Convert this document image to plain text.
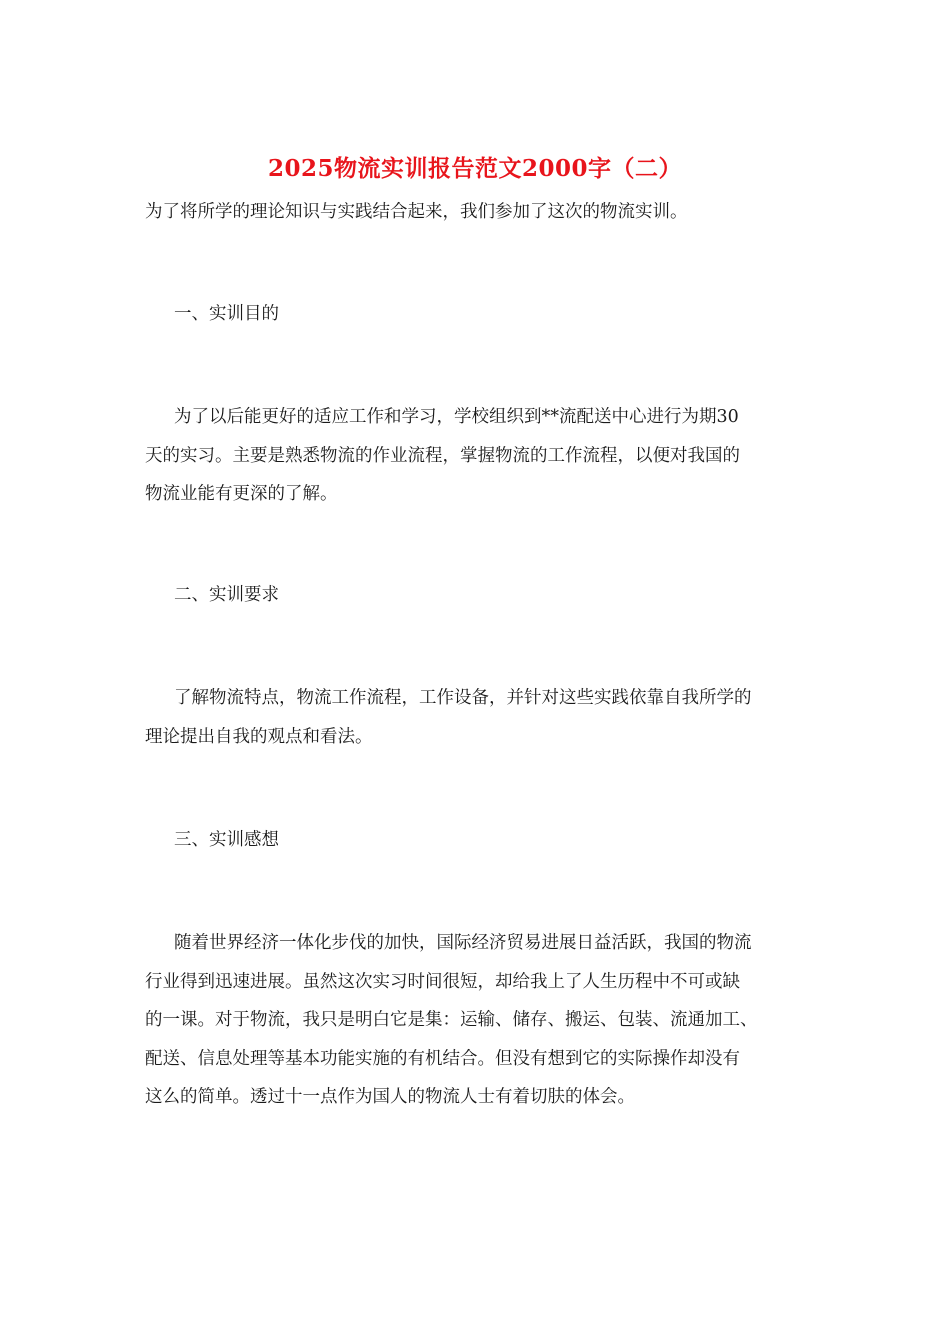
2025物流实训报告范文2000字（二）
为了将所学的理论知识与实践结合起来，我们参加了这次的物流实训。
一、实训目的
为了以后能更好的适应工作和学习，学校组织到**流配送中心进行为期30
天的实习。主要是熟悉物流的作业流程，掌握物流的工作流程，以便对我国的
物流业能有更深的了解。
二、实训要求
了解物流特点，物流工作流程，工作设备，并针对这些实践依靠自我所学的
理论提出自我的观点和看法。
三、实训感想
随着世界经济一体化步伐的加快，国际经济贸易进展日益活跃，我国的物流
行业得到迅速进展。虽然这次实习时间很短，却给我上了人生历程中不可或缺
的一课。对于物流，我只是明白它是集：运输、储存、搬运、包装、流通加工、
配送、信息处理等基本功能实施的有机结合。但没有想到它的实际操作却没有
这么的简单。透过十一点作为国人的物流人士有着切肤的体会。
